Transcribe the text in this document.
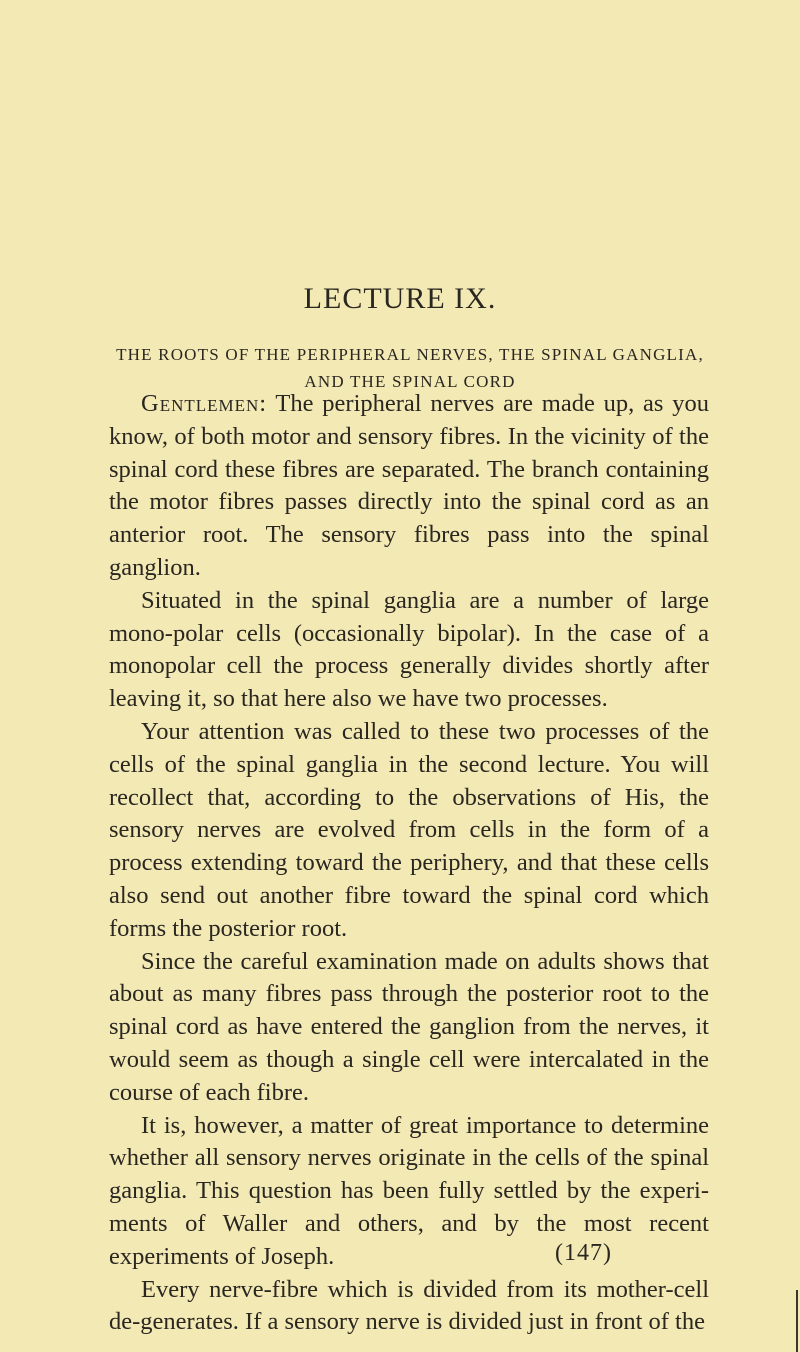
LECTURE IX.
THE ROOTS OF THE PERIPHERAL NERVES, THE SPINAL GANGLIA,
AND THE SPINAL CORD

Gentlemen: The peripheral nerves are made up, as you know, of both motor and sensory fibres. In the vicinity of the spinal cord these fibres are separated. The branch containing the motor fibres passes directly into the spinal cord as an anterior root. The sensory fibres pass into the spinal ganglion.

Situated in the spinal ganglia are a number of large mono-polar cells (occasionally bipolar). In the case of a monopolar cell the process generally divides shortly after leaving it, so that here also we have two processes.

Your attention was called to these two processes of the cells of the spinal ganglia in the second lecture. You will recollect that, according to the observations of His, the sensory nerves are evolved from cells in the form of a process extending toward the periphery, and that these cells also send out another fibre toward the spinal cord which forms the posterior root.

Since the careful examination made on adults shows that about as many fibres pass through the posterior root to the spinal cord as have entered the ganglion from the nerves, it would seem as though a single cell were intercalated in the course of each fibre.

It is, however, a matter of great importance to determine whether all sensory nerves originate in the cells of the spinal ganglia. This question has been fully settled by the experi-ments of Waller and others, and by the most recent experiments of Joseph.

Every nerve-fibre which is divided from its mother-cell de-generates. If a sensory nerve is divided just in front of the

(147)
